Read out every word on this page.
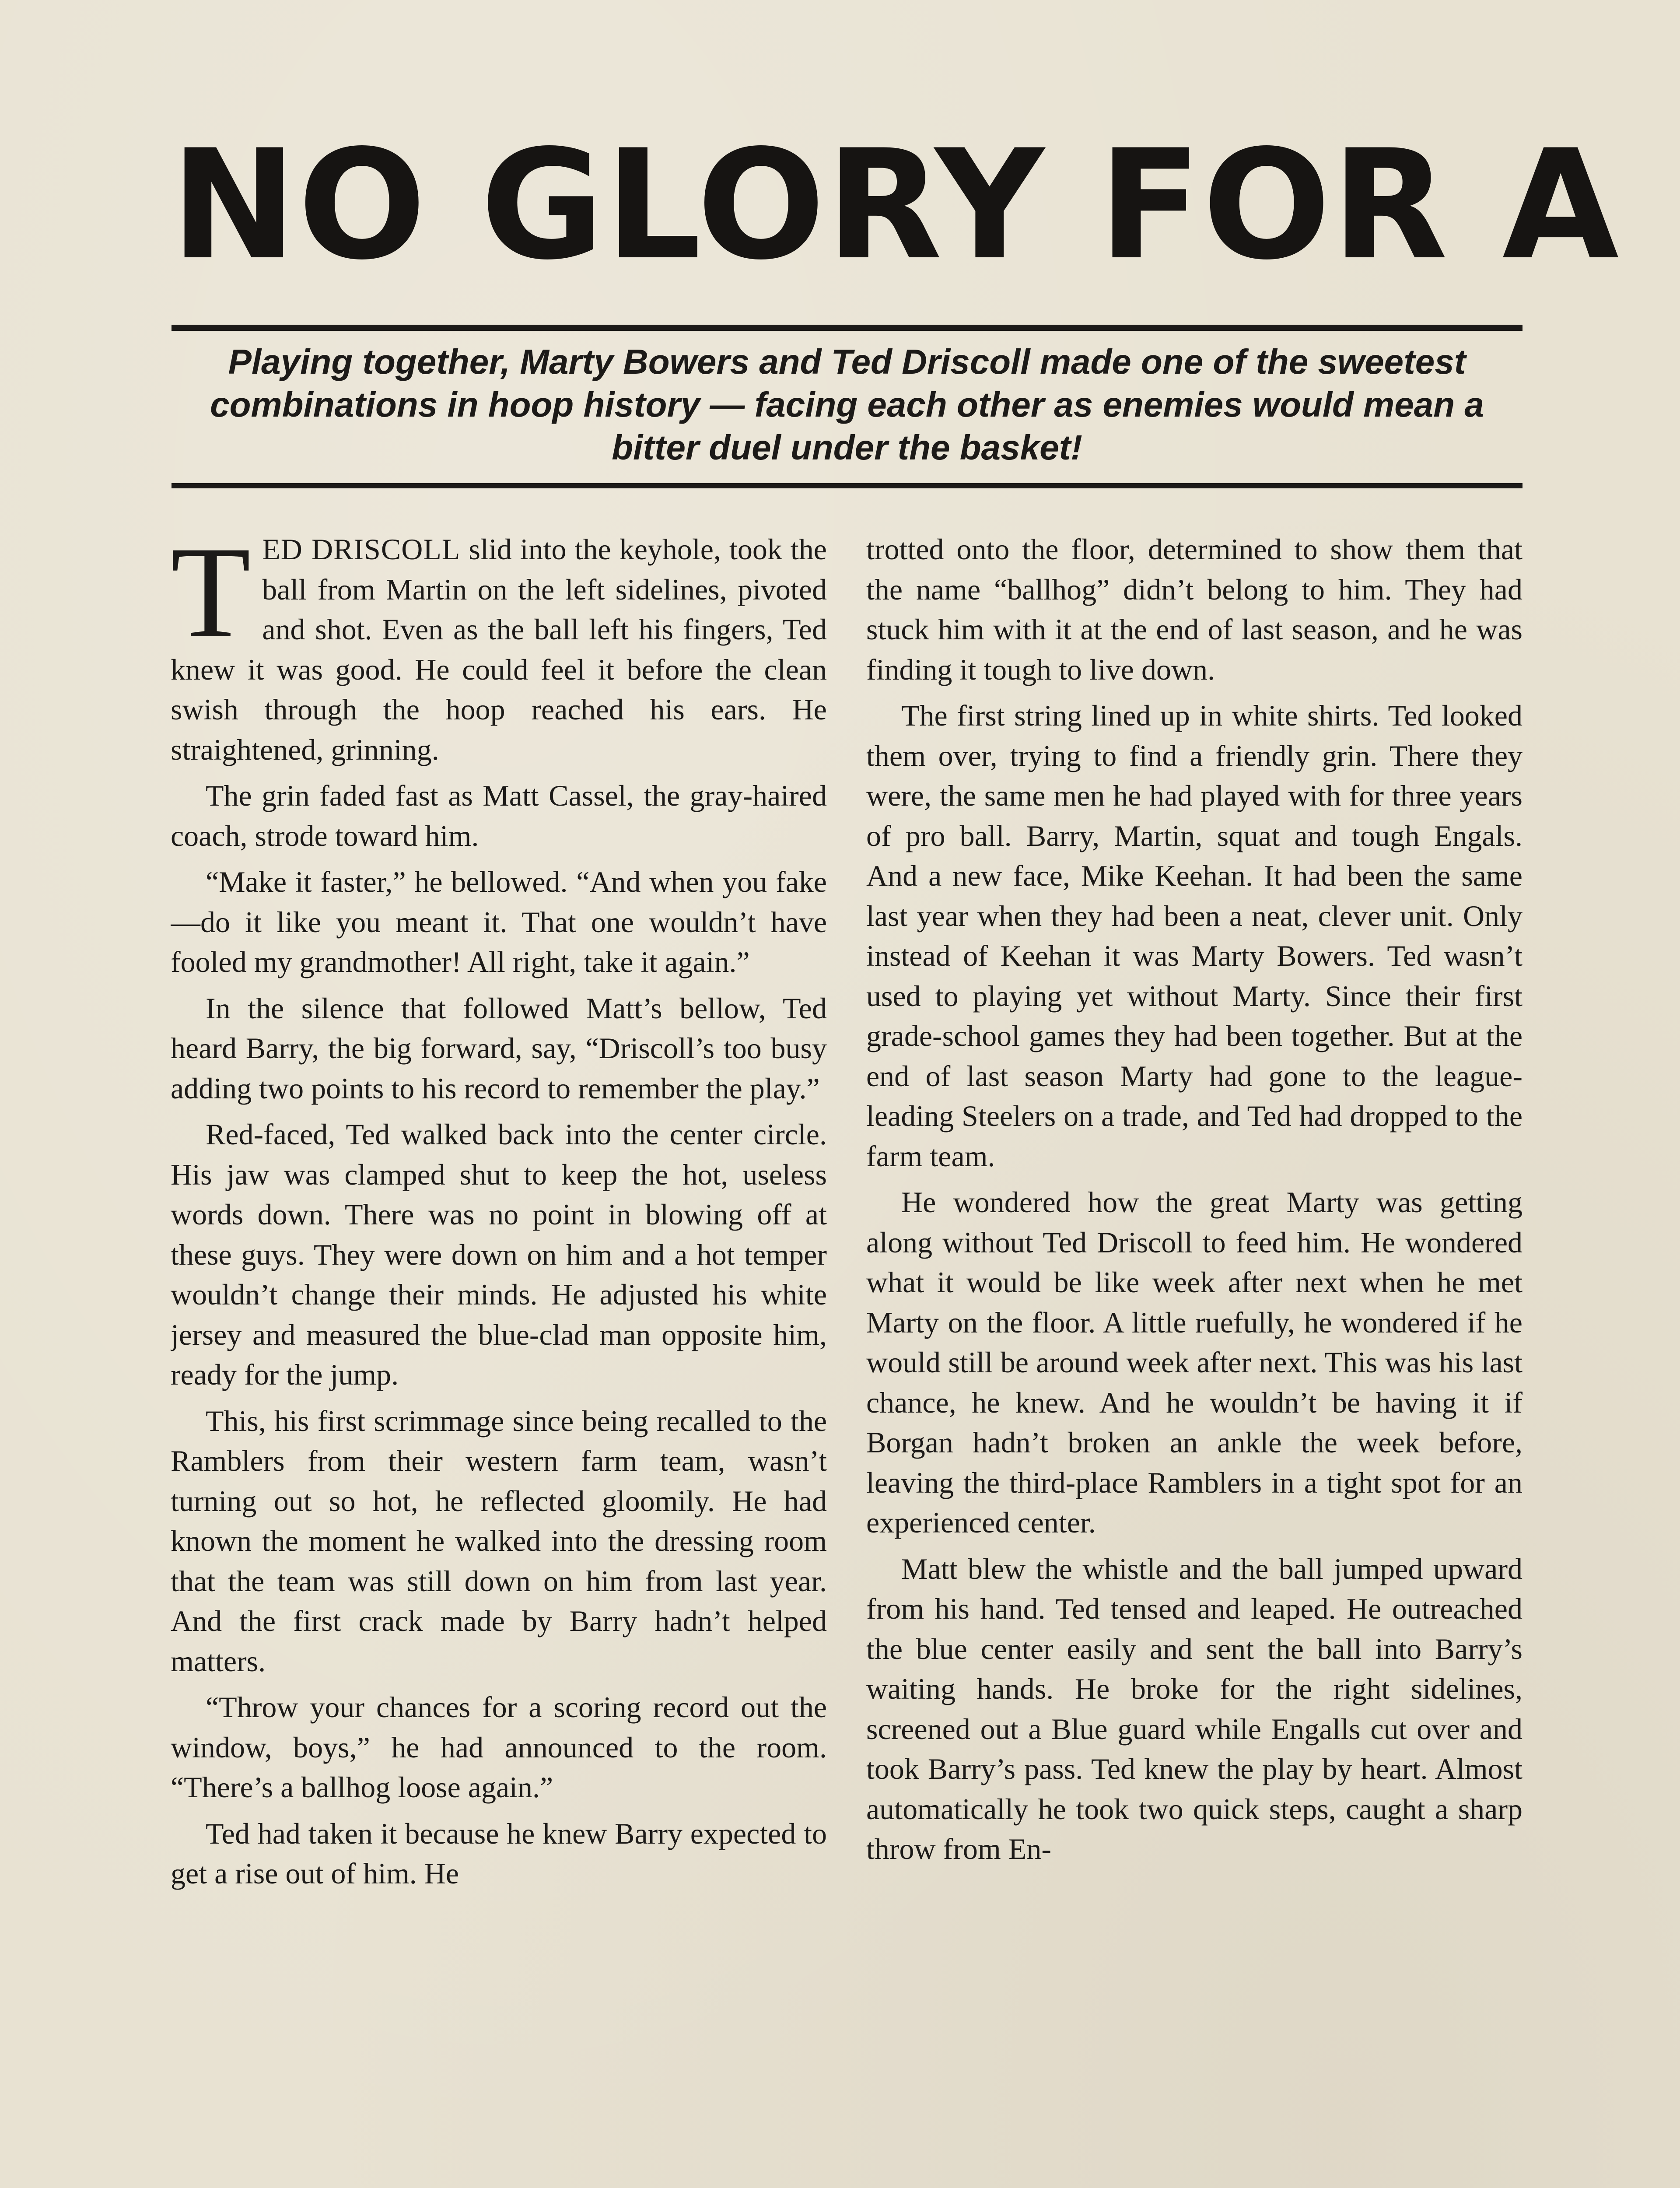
NO GLORY FOR A

Playing together, Marty Bowers and Ted Driscoll made one of the sweetest combinations in hoop history — facing each other as enemies would mean a bitter duel under the basket!

TED DRISCOLL slid into the keyhole, took the ball from Martin on the left sidelines, pivoted and shot. Even as the ball left his fingers, Ted knew it was good. He could feel it before the clean swish through the hoop reached his ears. He straightened, grinning.

The grin faded fast as Matt Cassel, the gray-haired coach, strode toward him.

“Make it faster,” he bellowed. “And when you fake—do it like you meant it. That one wouldn’t have fooled my grandmother! All right, take it again.”

In the silence that followed Matt’s bellow, Ted heard Barry, the big forward, say, “Driscoll’s too busy adding two points to his record to remember the play.”

Red-faced, Ted walked back into the center circle. His jaw was clamped shut to keep the hot, useless words down. There was no point in blowing off at these guys. They were down on him and a hot temper wouldn’t change their minds. He adjusted his white jersey and measured the blue-clad man opposite him, ready for the jump.

This, his first scrimmage since being recalled to the Ramblers from their western farm team, wasn’t turning out so hot, he reflected gloomily. He had known the moment he walked into the dressing room that the team was still down on him from last year. And the first crack made by Barry hadn’t helped matters.

“Throw your chances for a scoring record out the window, boys,” he had announced to the room. “There’s a ballhog loose again.”

Ted had taken it because he knew Barry expected to get a rise out of him. He

trotted onto the floor, determined to show them that the name “ballhog” didn’t belong to him. They had stuck him with it at the end of last season, and he was finding it tough to live down.

The first string lined up in white shirts. Ted looked them over, trying to find a friendly grin. There they were, the same men he had played with for three years of pro ball. Barry, Martin, squat and tough Engals. And a new face, Mike Keehan. It had been the same last year when they had been a neat, clever unit. Only instead of Keehan it was Marty Bowers. Ted wasn’t used to playing yet without Marty. Since their first grade-school games they had been together. But at the end of last season Marty had gone to the league-leading Steelers on a trade, and Ted had dropped to the farm team.

He wondered how the great Marty was getting along without Ted Driscoll to feed him. He wondered what it would be like week after next when he met Marty on the floor. A little ruefully, he wondered if he would still be around week after next. This was his last chance, he knew. And he wouldn’t be having it if Borgan hadn’t broken an ankle the week before, leaving the third-place Ramblers in a tight spot for an experienced center.

Matt blew the whistle and the ball jumped upward from his hand. Ted tensed and leaped. He outreached the blue center easily and sent the ball into Barry’s waiting hands. He broke for the right sidelines, screened out a Blue guard while Engalls cut over and took Barry’s pass. Ted knew the play by heart. Almost automatically he took two quick steps, caught a sharp throw from En-
